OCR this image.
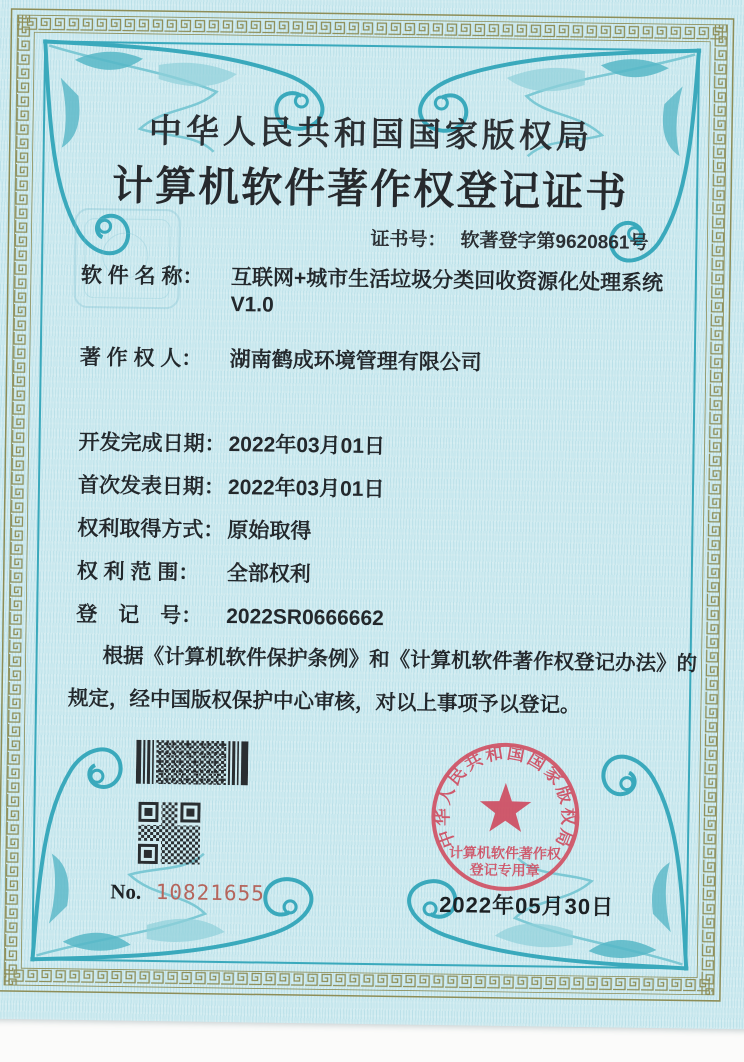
中华人民共和国国家版权局
计算机软件著作权登记证书
证书号： 软著登字第9620861号
软 件 名 称： 互联网+城市生活垃圾分类回收资源化处理系统
V1.0
著 作 权 人： 湖南鹤成环境管理有限公司
开发完成日期： 2022年03月01日
首次发表日期： 2022年03月01日
权利取得方式： 原始取得
权 利 范 围： 全部权利
登　记　号： 2022SR0666662
根据《计算机软件保护条例》和《计算机软件著作权登记办法》的
规定，经中国版权保护中心审核，对以上事项予以登记。
No. 10821655
中华人民共和国国家版权局
计算机软件著作权
登记专用章
2022年05月30日
